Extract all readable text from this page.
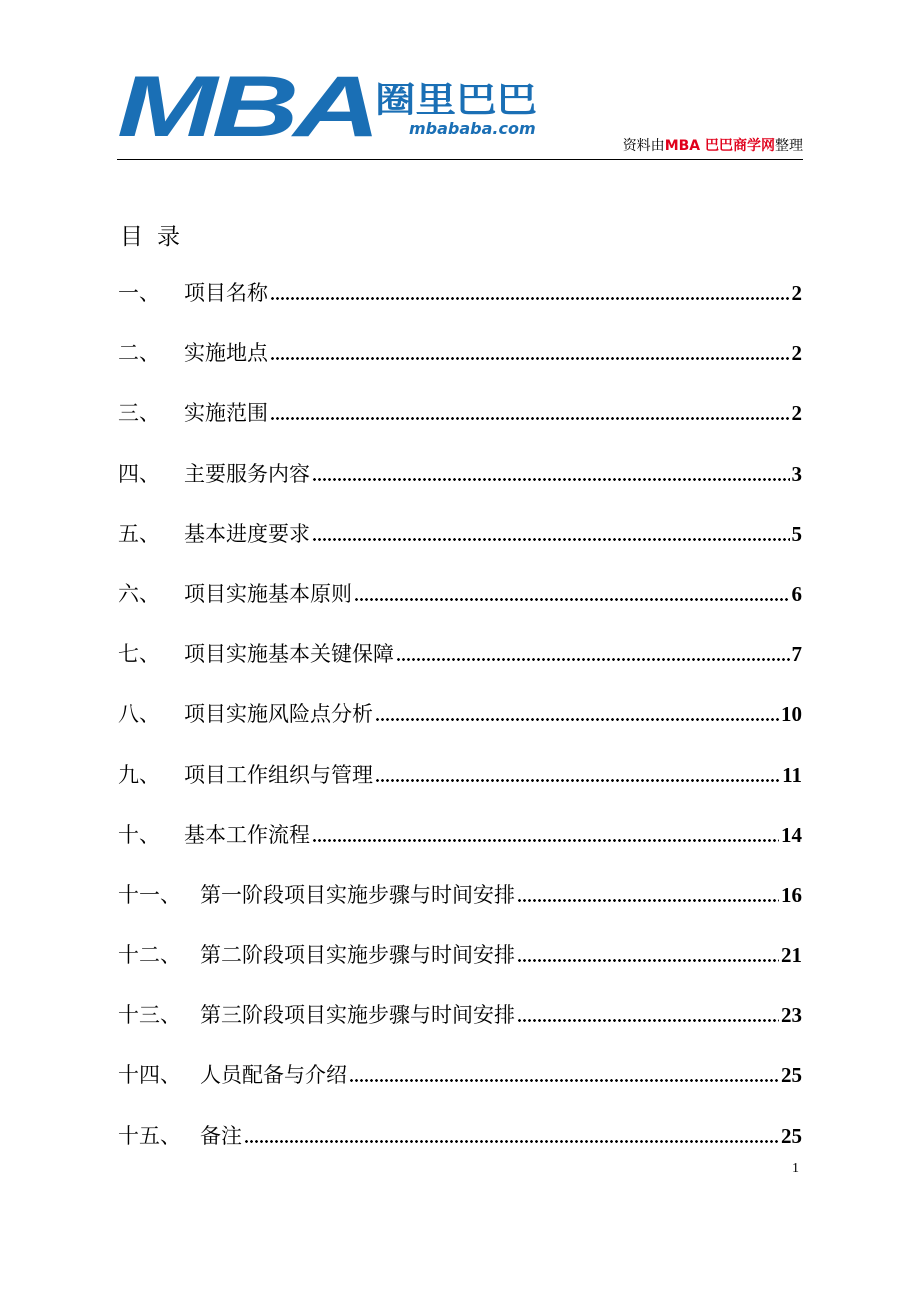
MBA 圈里巴巴
mbababa.com
资料由MBA 巴巴商学网整理
目录
一、	项目名称	2
二、	实施地点	2
三、	实施范围	2
四、	主要服务内容	3
五、	基本进度要求	5
六、	项目实施基本原则	6
七、	项目实施基本关键保障	7
八、	项目实施风险点分析	10
九、	项目工作组织与管理	11
十、	基本工作流程	14
十一、 第一阶段项目实施步骤与时间安排	16
十二、 第二阶段项目实施步骤与时间安排	21
十三、 第三阶段项目实施步骤与时间安排	23
十四、 人员配备与介绍	25
十五、 备注	25
1
